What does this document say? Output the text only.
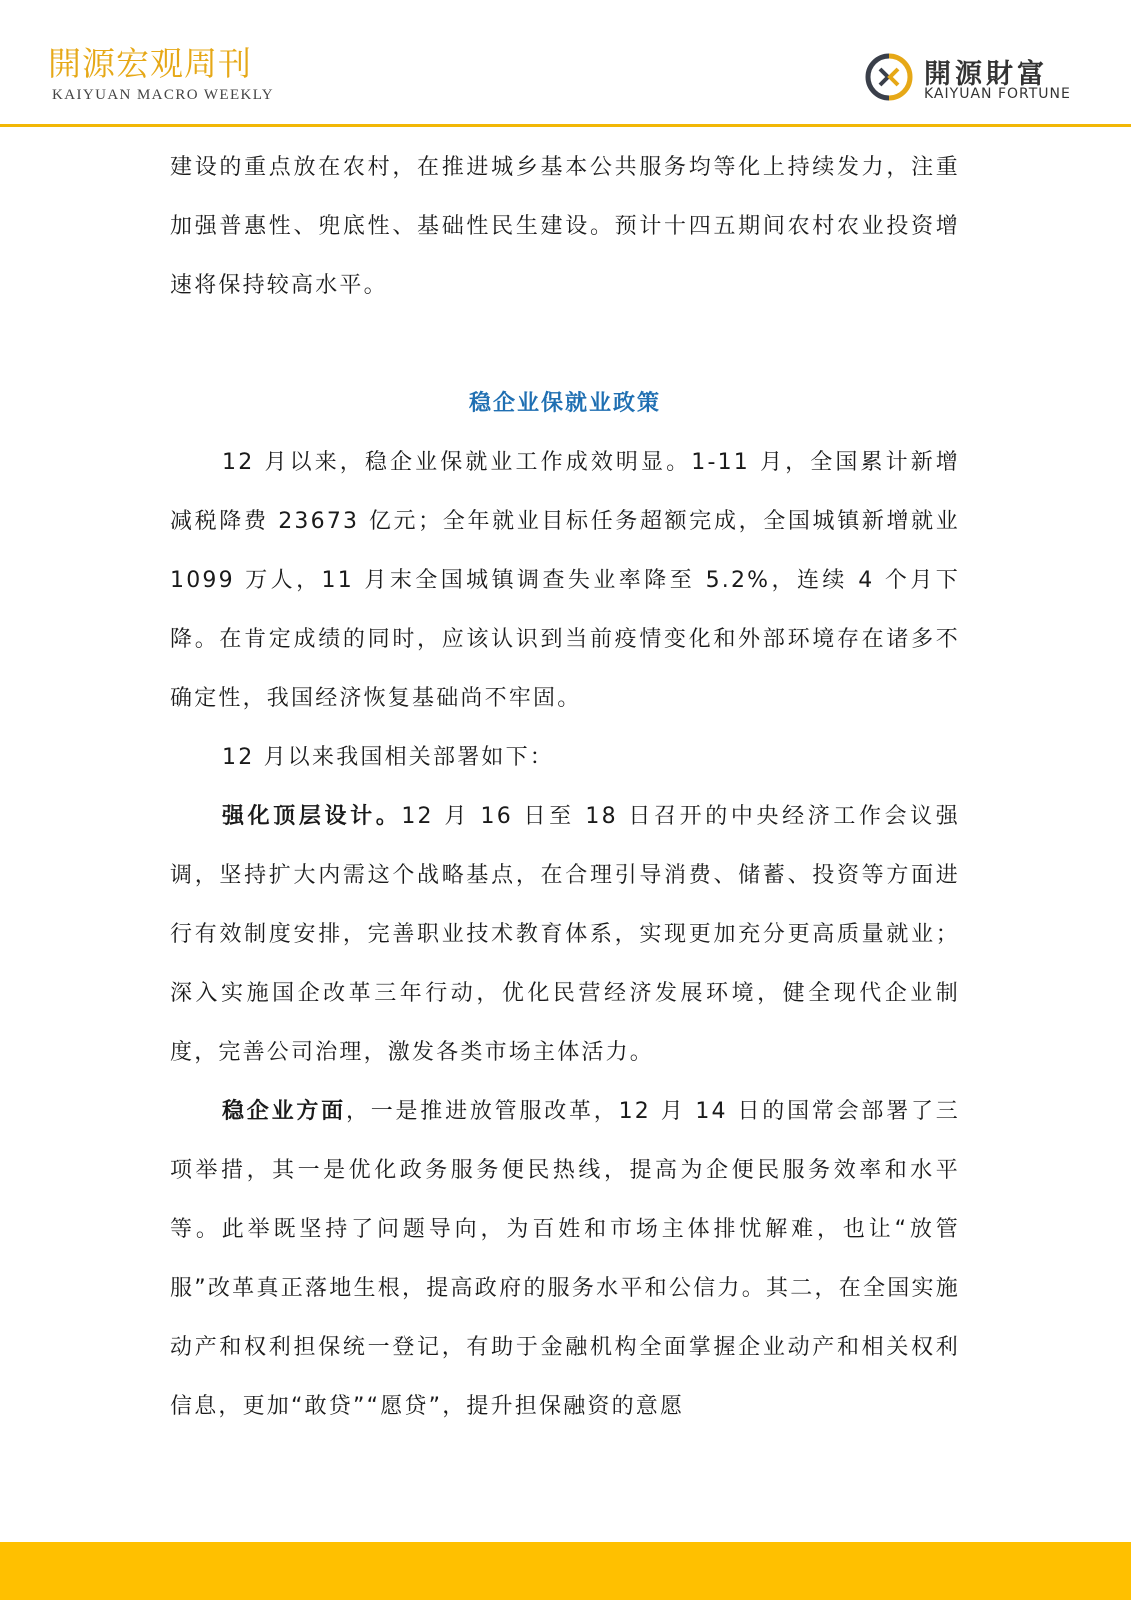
開源宏观周刊
KAIYUAN MACRO WEEKLY
開源財富
KAIYUAN FORTUNE

建设的重点放在农村，在推进城乡基本公共服务均等化上持续发力，注重加强普惠性、兜底性、基础性民生建设。预计十四五期间农村农业投资增速将保持较高水平。

稳企业保就业政策

12 月以来，稳企业保就业工作成效明显。1-11 月，全国累计新增减税降费 23673 亿元；全年就业目标任务超额完成，全国城镇新增就业 1099 万人，11 月末全国城镇调查失业率降至 5.2%，连续 4 个月下降。在肯定成绩的同时，应该认识到当前疫情变化和外部环境存在诸多不确定性，我国经济恢复基础尚不牢固。

12 月以来我国相关部署如下：

强化顶层设计。12 月 16 日至 18 日召开的中央经济工作会议强调，坚持扩大内需这个战略基点，在合理引导消费、储蓄、投资等方面进行有效制度安排，完善职业技术教育体系，实现更加充分更高质量就业；深入实施国企改革三年行动，优化民营经济发展环境，健全现代企业制度，完善公司治理，激发各类市场主体活力。

稳企业方面，一是推进放管服改革，12 月 14 日的国常会部署了三项举措，其一是优化政务服务便民热线，提高为企便民服务效率和水平等。此举既坚持了问题导向，为百姓和市场主体排忧解难，也让“放管服”改革真正落地生根，提高政府的服务水平和公信力。其二，在全国实施动产和权利担保统一登记，有助于金融机构全面掌握企业动产和相关权利信息，更加“敢贷”“愿贷”，提升担保融资的意愿
